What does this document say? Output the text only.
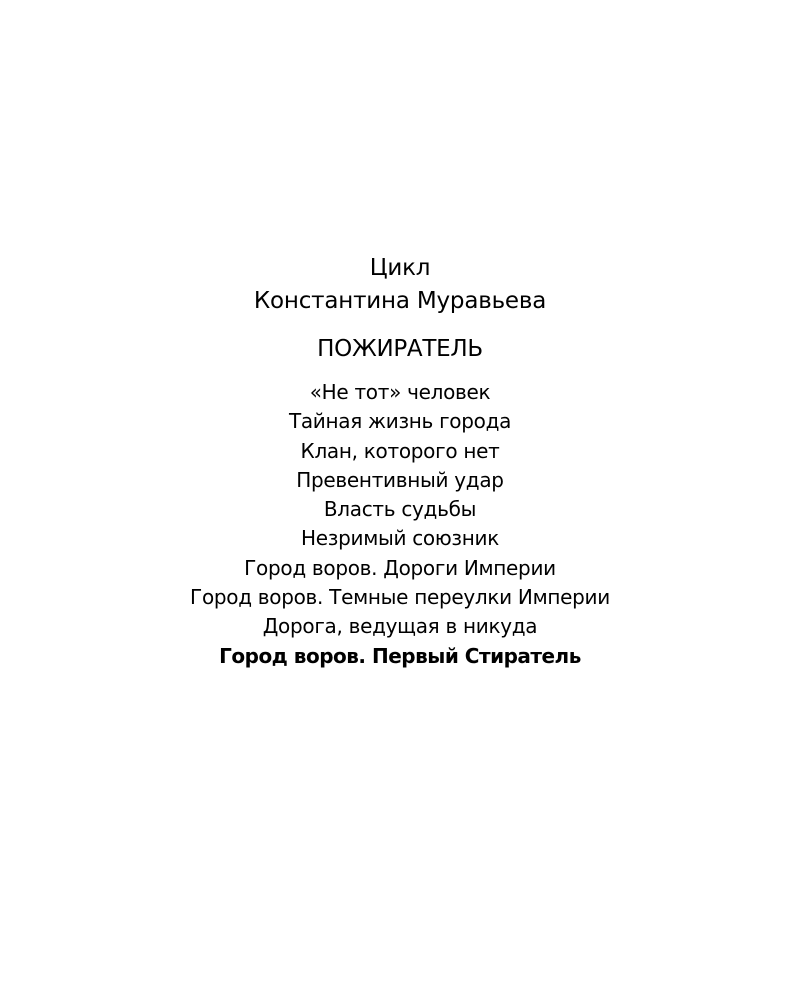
Цикл
Константина Муравьева
ПОЖИРАТЕЛЬ
«Не тот» человек
Тайная жизнь города
Клан, которого нет
Превентивный удар
Власть судьбы
Незримый союзник
Город воров. Дороги Империи
Город воров. Темные переулки Империи
Дорога, ведущая в никуда
Город воров. Первый Стиратель
